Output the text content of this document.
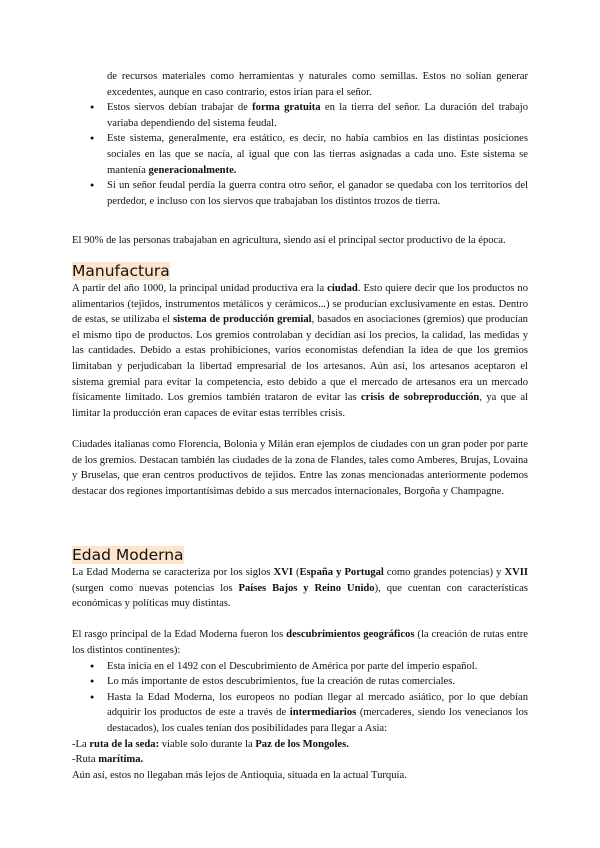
de recursos materiales como herramientas y naturales como semillas. Estos no solían generar excedentes, aunque en caso contrario, estos irían para el señor.

● Estos siervos debían trabajar de forma gratuita en la tierra del señor. La duración del trabajo variaba dependiendo del sistema feudal.
● Este sistema, generalmente, era estático, es decir, no había cambios en las distintas posiciones sociales en las que se nacía, al igual que con las tierras asignadas a cada uno. Este sistema se mantenía generacionalmente.
● Si un señor feudal perdía la guerra contra otro señor, el ganador se quedaba con los territorios del perdedor, e incluso con los siervos que trabajaban los distintos trozos de tierra.

El 90% de las personas trabajaban en agricultura, siendo así el principal sector productivo de la época.

Manufactura

A partir del año 1000, la principal unidad productiva era la ciudad. Esto quiere decir que los productos no alimentarios (tejidos, instrumentos metálicos y cerámicos...) se producían exclusivamente en estas. Dentro de estas, se utilizaba el sistema de producción gremial, basados en asociaciones (gremios) que producían el mismo tipo de productos. Los gremios controlaban y decidían así los precios, la calidad, las medidas y las cantidades. Debido a estas prohibiciones, varios economistas defendían la idea de que los gremios limitaban y perjudicaban la libertad empresarial de los artesanos. Aún así, los artesanos aceptaron el sistema gremial para evitar la competencia, esto debido a que el mercado de artesanos era un mercado físicamente limitado. Los gremios también trataron de evitar las crisis de sobreproducción, ya que al limitar la producción eran capaces de evitar estas terribles crisis.

Ciudades italianas como Florencia, Bolonia y Milán eran ejemplos de ciudades con un gran poder por parte de los gremios. Destacan también las ciudades de la zona de Flandes, tales como Amberes, Brujas, Lovaina y Bruselas, que eran centros productivos de tejidos. Entre las zonas mencionadas anteriormente podemos destacar dos regiones importantísimas debido a sus mercados internacionales, Borgoña y Champagne.

Edad Moderna

La Edad Moderna se caracteriza por los siglos XVI (España y Portugal como grandes potencias) y XVII (surgen como nuevas potencias los Países Bajos y Reino Unido), que cuentan con características económicas y políticas muy distintas.

El rasgo principal de la Edad Moderna fueron los descubrimientos geográficos (la creación de rutas entre los distintos continentes):

● Esta inicia en el 1492 con el Descubrimiento de América por parte del imperio español.
● Lo más importante de estos descubrimientos, fue la creación de rutas comerciales.
● Hasta la Edad Moderna, los europeos no podían llegar al mercado asiático, por lo que debían adquirir los productos de este a través de intermediarios (mercaderes, siendo los venecianos los destacados), los cuales tenían dos posibilidades para llegar a Asia:

-La ruta de la seda: viable solo durante la Paz de los Mongoles.

-Ruta marítima.

Aún así, estos no llegaban más lejos de Antioquia, situada en la actual Turquía.
